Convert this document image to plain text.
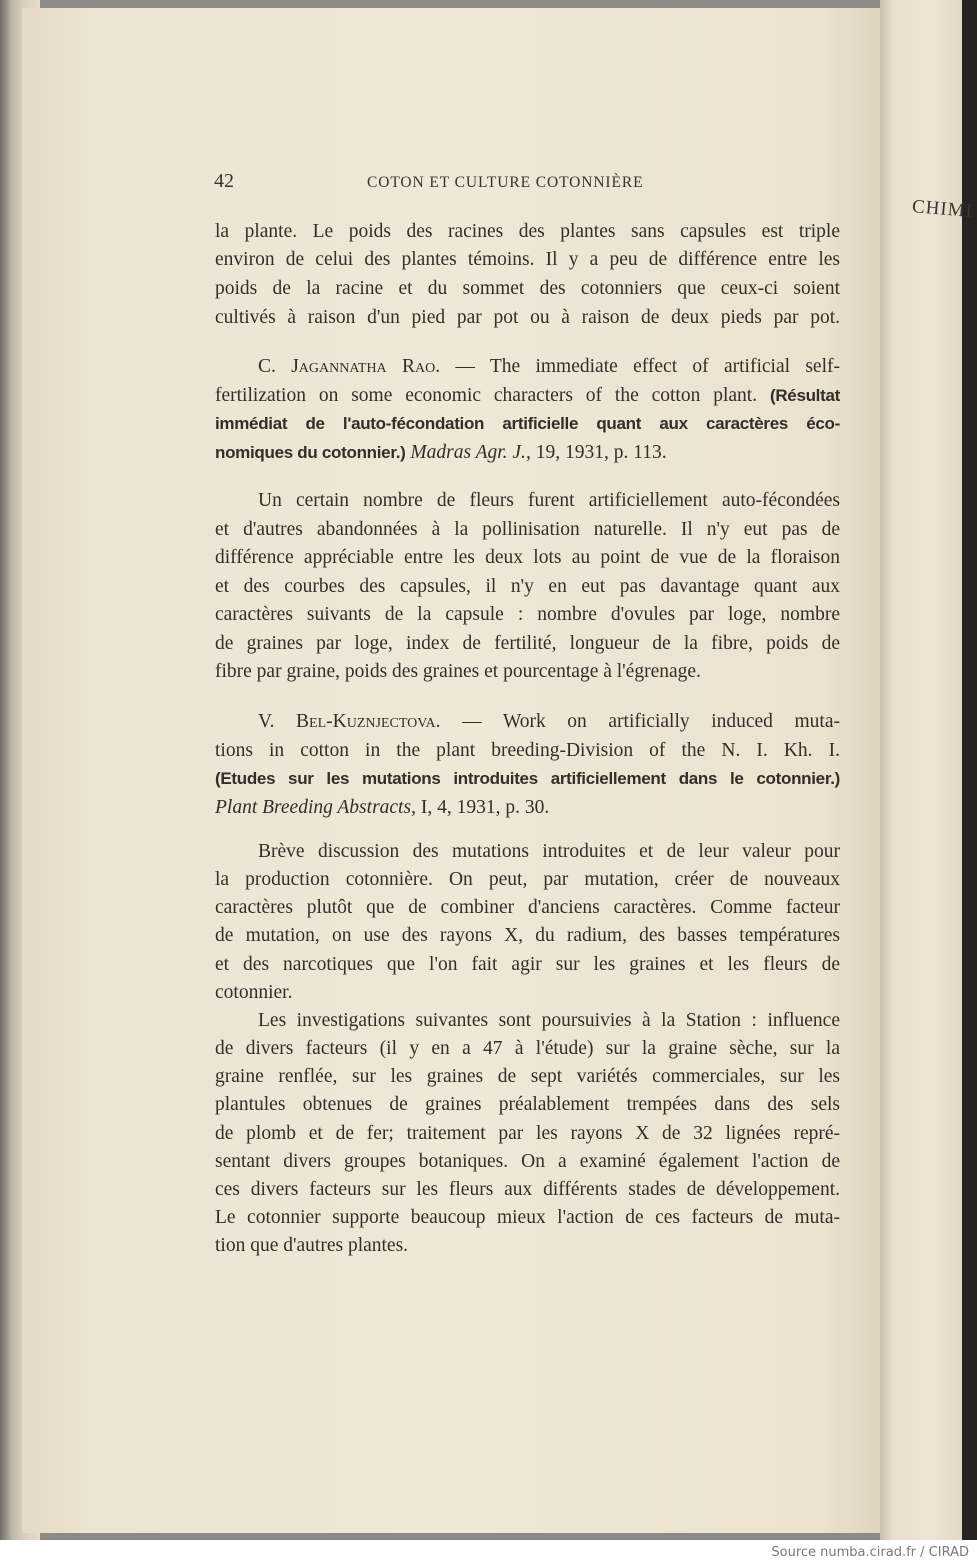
CHIMI
42	COTON ET CULTURE COTONNIÈRE
la plante. Le poids des racines des plantes sans capsules est triple
environ de celui des plantes témoins. Il y a peu de différence entre les
poids de la racine et du sommet des cotonniers que ceux-ci soient
cultivés à raison d'un pied par pot ou à raison de deux pieds par pot.
C. Jagannatha Rao. — The immediate effect of artificial self-
fertilization on some economic characters of the cotton plant. (Résultat
immédiat de l'auto-fécondation artificielle quant aux caractères éco-
nomiques du cotonnier.) Madras Agr. J., 19, 1931, p. 113.
Un certain nombre de fleurs furent artificiellement auto-fécondées
et d'autres abandonnées à la pollinisation naturelle. Il n'y eut pas de
différence appréciable entre les deux lots au point de vue de la floraison
et des courbes des capsules, il n'y en eut pas davantage quant aux
caractères suivants de la capsule : nombre d'ovules par loge, nombre
de graines par loge, index de fertilité, longueur de la fibre, poids de
fibre par graine, poids des graines et pourcentage à l'égrenage.
V. Bel-Kuznjectova. — Work on artificially induced muta-
tions in cotton in the plant breeding-Division of the N. I. Kh. I.
(Etudes sur les mutations introduites artificiellement dans le cotonnier.)
Plant Breeding Abstracts, I, 4, 1931, p. 30.
Brève discussion des mutations introduites et de leur valeur pour
la production cotonnière. On peut, par mutation, créer de nouveaux
caractères plutôt que de combiner d'anciens caractères. Comme facteur
de mutation, on use des rayons X, du radium, des basses températures
et des narcotiques que l'on fait agir sur les graines et les fleurs de
cotonnier.
Les investigations suivantes sont poursuivies à la Station : influence
de divers facteurs (il y en a 47 à l'étude) sur la graine sèche, sur la
graine renflée, sur les graines de sept variétés commerciales, sur les
plantules obtenues de graines préalablement trempées dans des sels
de plomb et de fer; traitement par les rayons X de 32 lignées repré-
sentant divers groupes botaniques. On a examiné également l'action de
ces divers facteurs sur les fleurs aux différents stades de développement.
Le cotonnier supporte beaucoup mieux l'action de ces facteurs de muta-
tion que d'autres plantes.
Source numba.cirad.fr / CIRAD
